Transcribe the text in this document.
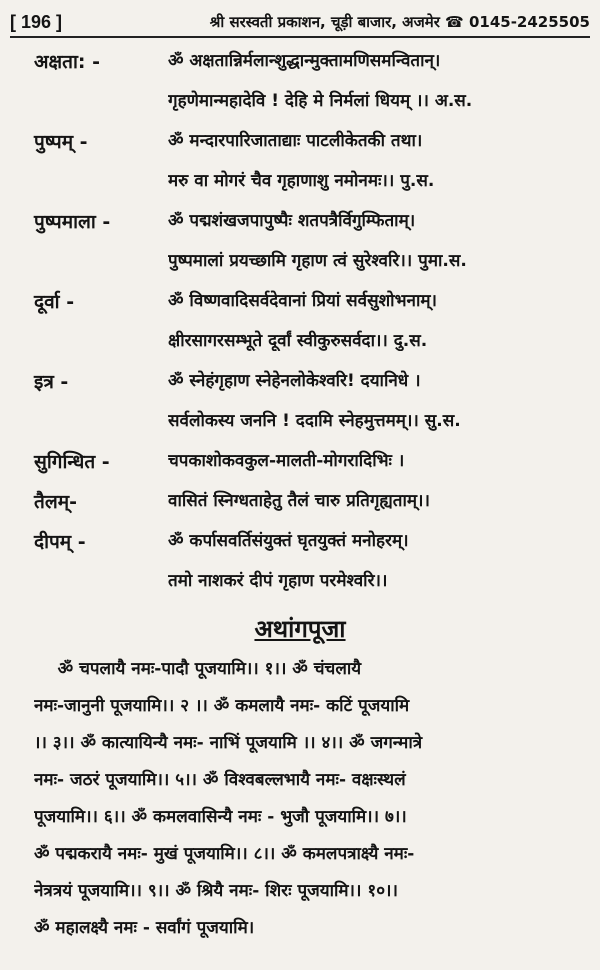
[ 196 ]	श्री सरस्वती प्रकाशन, चूड़ी बाजार, अजमेर ☎ 0145-2425505
अक्षता: -	ॐ अक्षतान्निर्मलान्शुद्धान्मुक्तामणिसमन्वितान्।
गृहणेमान्महादेवि ! देहि मे निर्मलां धियम् ।। अ.स.
पुष्पम् -	ॐ मन्दारपारिजाताद्याः पाटलीकेतकी तथा।
मरु वा मोगरं चैव गृहाणाशु नमोनमः।। पु.स.
पुष्पमाला -	ॐ पद्मशंखजपापुष्पैः शतपत्रैर्विगुम्फिताम्।
पुष्पमालां प्रयच्छामि गृहाण त्वं सुरेश्वरि।। पुमा.स.
दूर्वा -	ॐ विष्णवादिसर्वदेवानां प्रियां सर्वसुशोभनाम्।
क्षीरसागरसम्भूते दूर्वां स्वीकुरुसर्वदा।। दु.स.
इत्र -	ॐ स्नेहंगृहाण स्नेहेनलोकेश्वरि! दयानिधे ।
सर्वलोकस्य जननि ! ददामि स्नेहमुत्तमम्।। सु.स.
सुगिन्धित -	चपकाशोकवकुल-मालती-मोगरादिभिः ।
तैलम्-	वासितं स्निग्धताहेतु तैलं चारु प्रतिगृह्यताम्।।
दीपम् -	ॐ कर्पासवर्तिसंयुक्तं घृतयुक्तं मनोहरम्।
तमो नाशकरं दीपं गृहाण परमेश्वरि।।
अथांगपूजा
ॐ चपलायै नमः-पादौ पूजयामि।। १।। ॐ चंचलायै
नमः-जानुनी पूजयामि।। २ ।। ॐ कमलायै नमः- कटिं पूजयामि
।। ३।। ॐ कात्यायिन्यै नमः- नाभिं पूजयामि ।। ४।। ॐ जगन्मात्रे
नमः- जठरं पूजयामि।। ५।। ॐ विश्वबल्लभायै नमः- वक्षःस्थलं
पूजयामि।। ६।। ॐ कमलवासिन्यै नमः - भुजौ पूजयामि।। ७।।
ॐ पद्मकरायै नमः- मुखं पूजयामि।। ८।। ॐ कमलपत्राक्ष्यै नमः-
नेत्रत्रयं पूजयामि।। ९।। ॐ श्रियै नमः- शिरः पूजयामि।। १०।।
ॐ महालक्ष्यै नमः - सर्वांगं पूजयामि।
